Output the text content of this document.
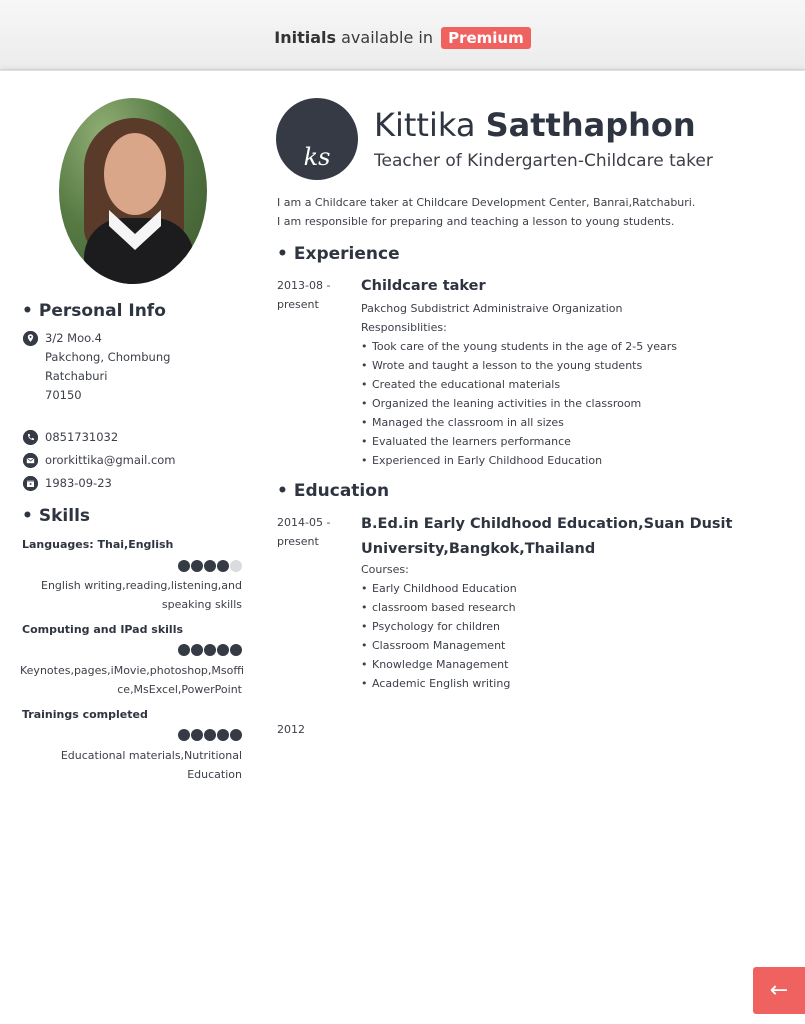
Initials available in Premium
• Personal Info
3/2 Moo.4
Pakchong, Chombung
Ratchaburi
70150
0851731032
ororkittika@gmail.com
1983-09-23
• Skills
Languages: Thai,English
English writing,reading,listening,and
speaking skills
Computing and IPad skills
Keynotes,pages,iMovie,photoshop,Msoffi
ce,MsExcel,PowerPoint
Trainings completed
Educational materials,Nutritional
Education
ks
Kittika Satthaphon
Teacher of Kindergarten-Childcare taker
I am a Childcare taker at Childcare Development Center, Banrai,Ratchaburi.
I am responsible for preparing and teaching a lesson to young students.
• Experience
2013-08 -
present
Childcare taker
Pakchog Subdistrict Administraive Organization
Responsiblities:
• Took care of the young students in the age of 2-5 years
• Wrote and taught a lesson to the young students
• Created the educational materials
• Organized the leaning activities in the classroom
• Managed the classroom in all sizes
• Evaluated the learners performance
• Experienced in Early Childhood Education
• Education
2014-05 -
present
B.Ed.in Early Childhood Education,Suan Dusit
University,Bangkok,Thailand
Courses:
• Early Childhood Education
• classroom based research
• Psychology for children
• Classroom Management
• Knowledge Management
• Academic English writing
2012
←
